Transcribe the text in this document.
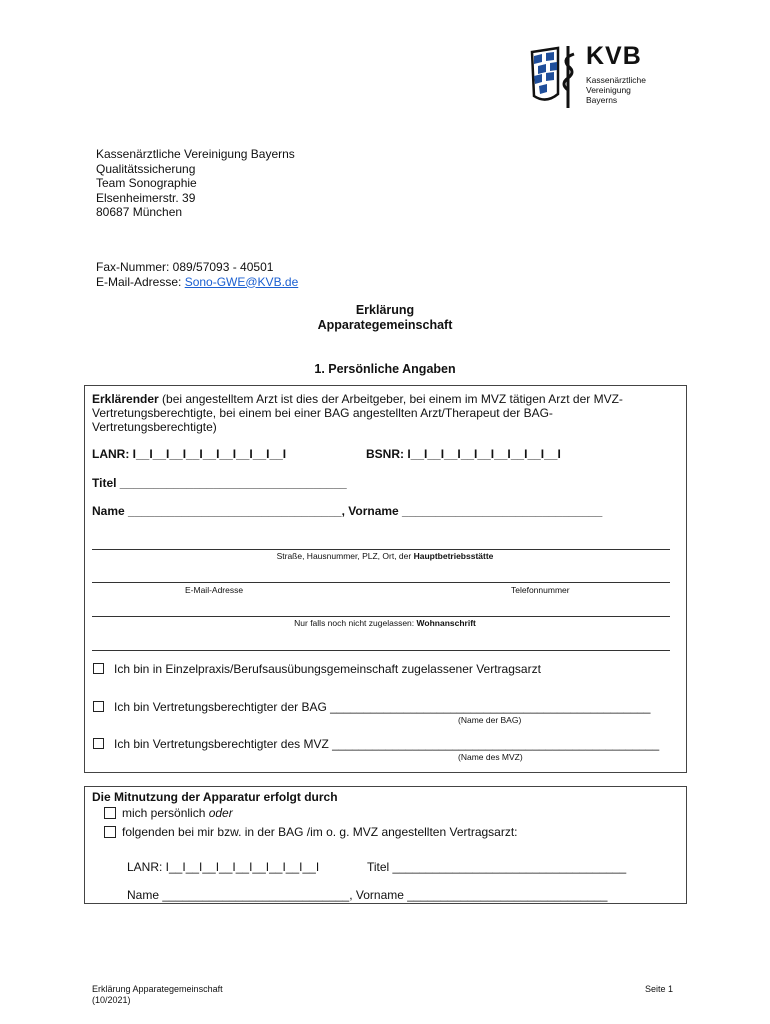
KVB
Kassenärztliche
Vereinigung
Bayerns
Kassenärztliche Vereinigung Bayerns
Qualitätssicherung
Team Sonographie
Elsenheimerstr. 39
80687 München
Fax-Nummer: 089/57093 - 40501
E-Mail-Adresse: Sono-GWE@KVB.de
Erklärung
Apparategemeinschaft
1. Persönliche Angaben
Erklärender (bei angestelltem Arzt ist dies der Arbeitgeber, bei einem im MVZ tätigen Arzt der MVZ-
Vertretungsberechtigte, bei einem bei einer BAG angestellten Arzt/Therapeut der BAG-
Vertretungsberechtigte)
LANR: I__I__I__I__I__I__I__I__I__I	BSNR: I__I__I__I__I__I__I__I__I__I
Titel __________________________________
Name ________________________________, Vorname ______________________________
Straße, Hausnummer, PLZ, Ort, der Hauptbetriebsstätte
E-Mail-Adresse	Telefonnummer
Nur falls noch nicht zugelassen: Wohnanschrift
Ich bin in Einzelpraxis/Berufsausübungsgemeinschaft zugelassener Vertragsarzt
Ich bin Vertretungsberechtigter der BAG ________________________________________________
(Name der BAG)
Ich bin Vertretungsberechtigter des MVZ _________________________________________________
(Name des MVZ)
Die Mitnutzung der Apparatur erfolgt durch
mich persönlich oder
folgenden bei mir bzw. in der BAG /im o. g. MVZ angestellten Vertragsarzt:
LANR: I__I__I__I__I__I__I__I__I__I	Titel ___________________________________
Name ____________________________, Vorname ______________________________
Erklärung Apparategemeinschaft
(10/2021)
Seite 1
